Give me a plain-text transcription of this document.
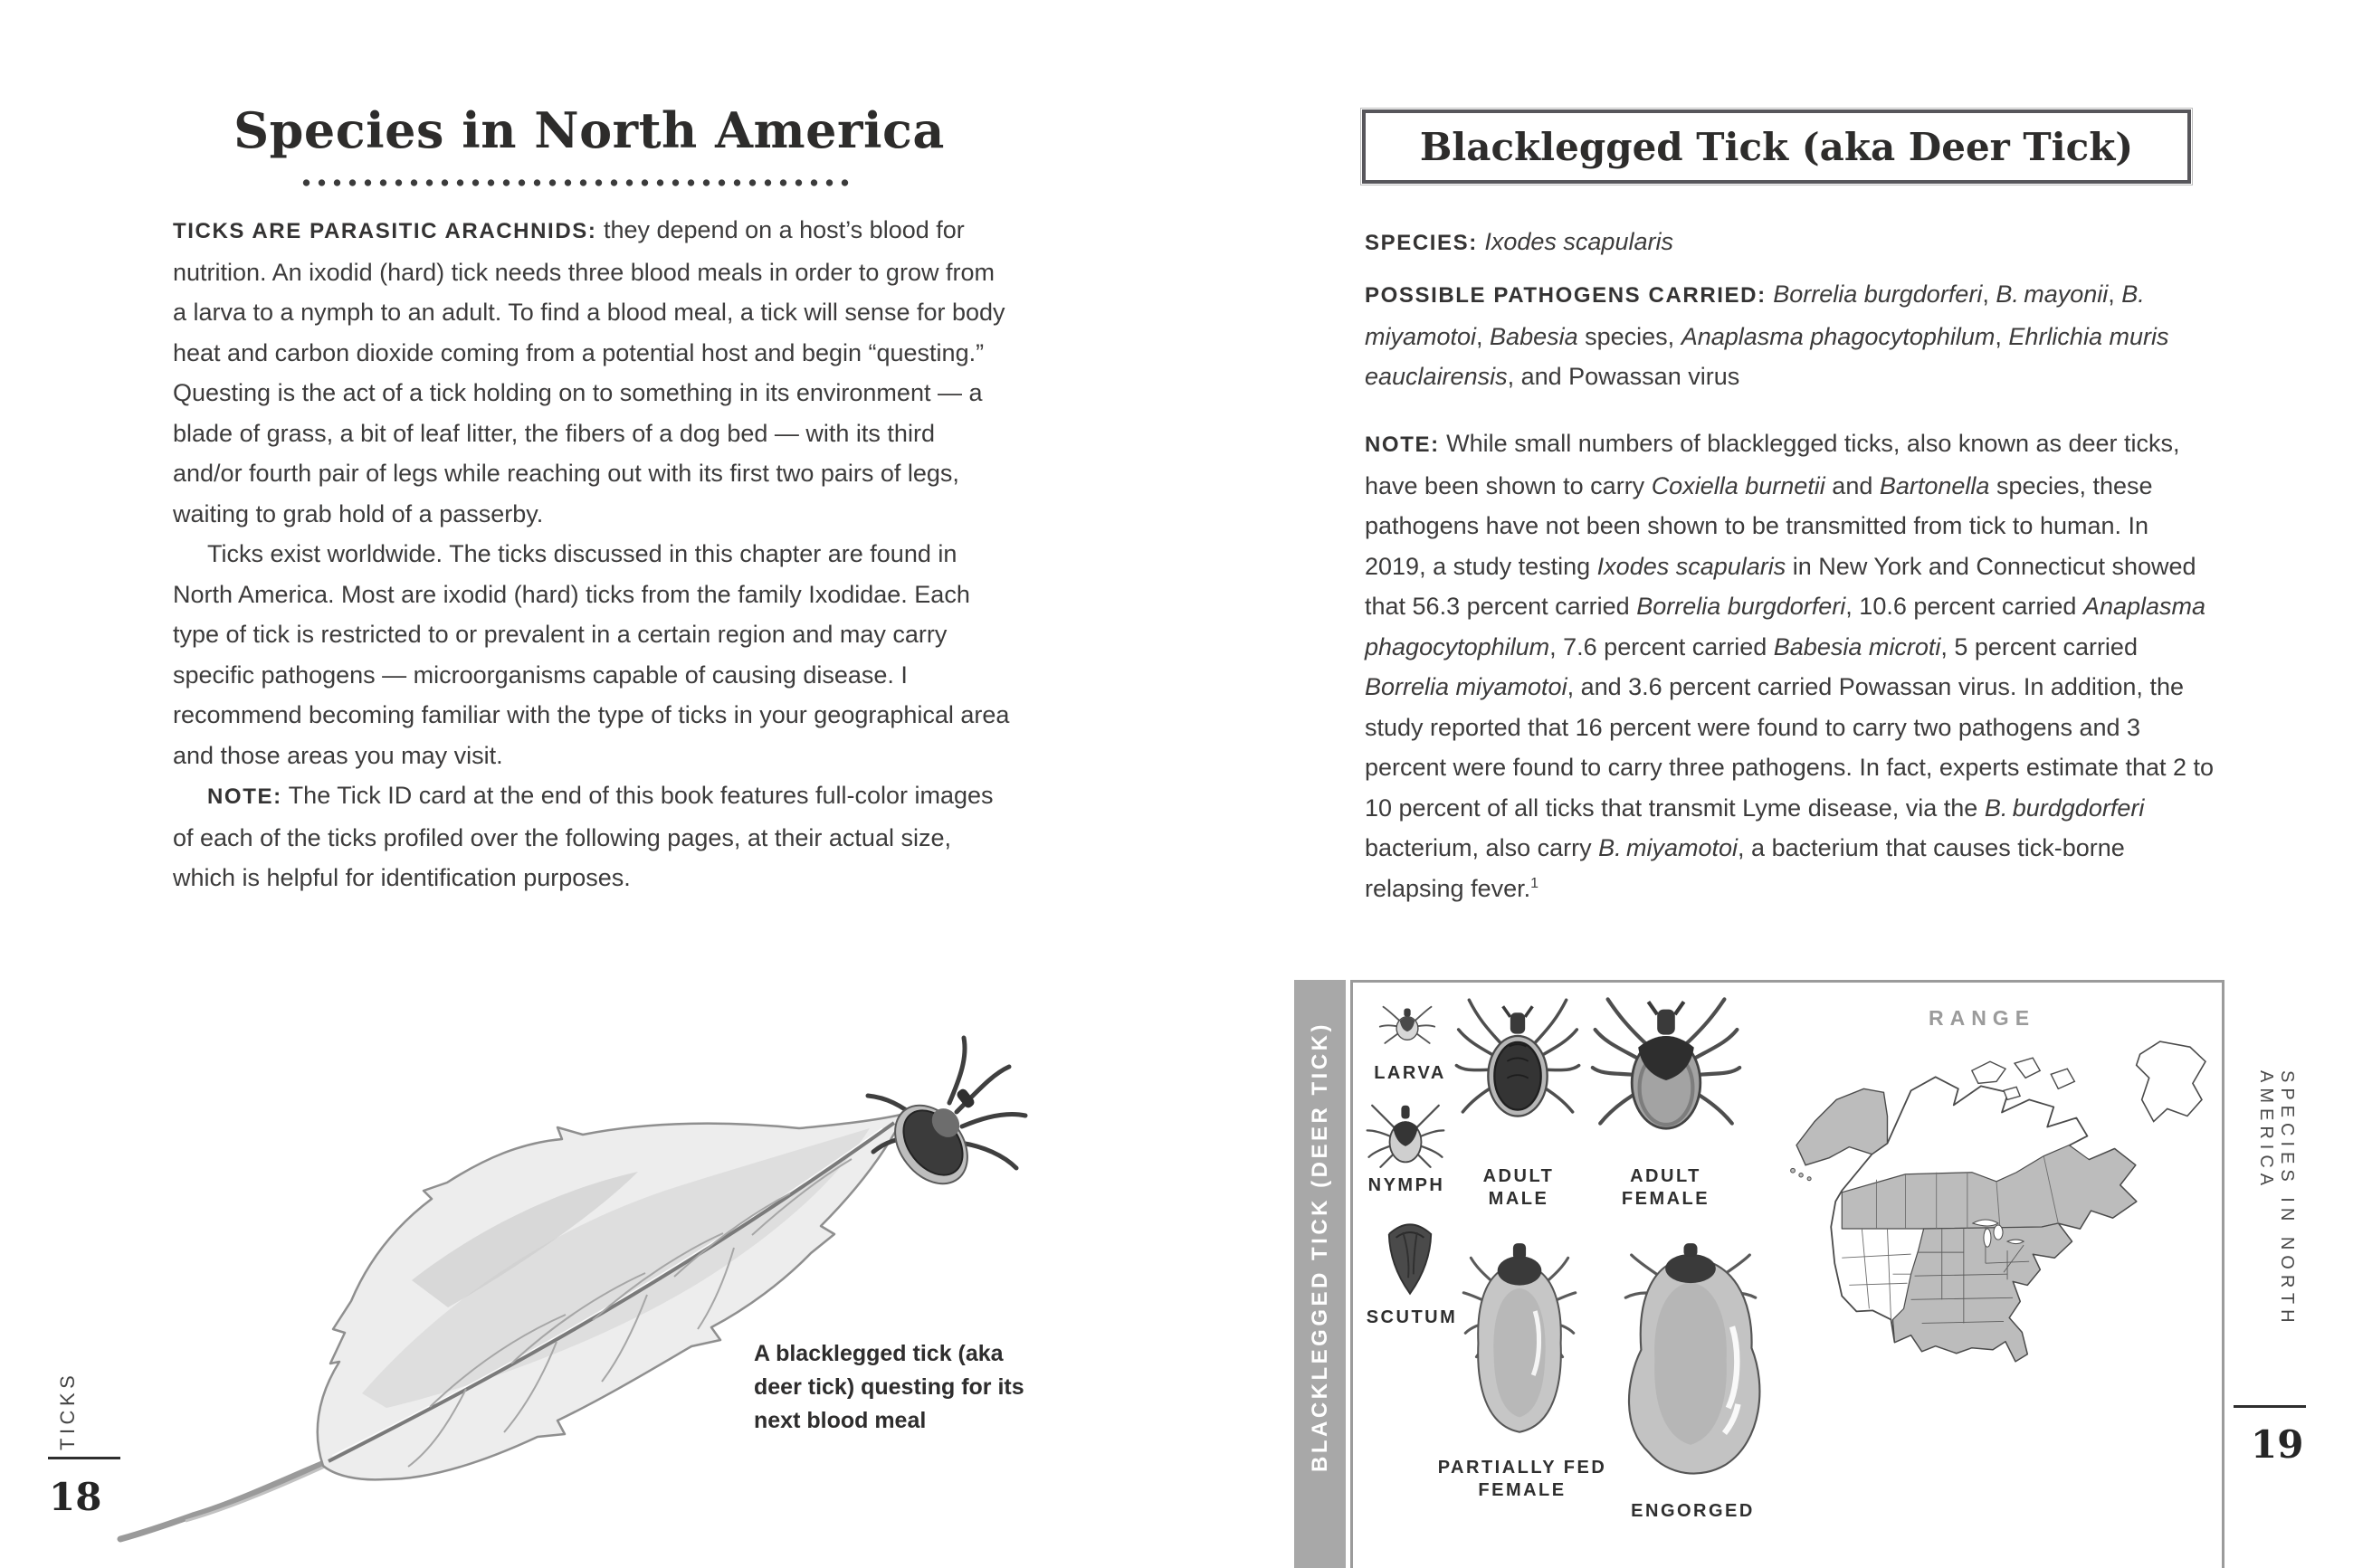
Species in North America

TICKS ARE PARASITIC ARACHNIDS: they depend on a host’s blood for nutrition. An ixodid (hard) tick needs three blood meals in order to grow from a larva to a nymph to an adult. To find a blood meal, a tick will sense for body heat and carbon dioxide coming from a potential host and begin “questing.” Questing is the act of a tick holding on to something in its environment — a blade of grass, a bit of leaf litter, the fibers of a dog bed — with its third and/or fourth pair of legs while reaching out with its first two pairs of legs, waiting to grab hold of a passerby.

Ticks exist worldwide. The ticks discussed in this chapter are found in North America. Most are ixodid (hard) ticks from the family Ixodidae. Each type of tick is restricted to or prevalent in a certain region and may carry specific pathogens — microorganisms capable of causing disease. I recommend becoming familiar with the type of ticks in your geographical area and those areas you may visit.

NOTE: The Tick ID card at the end of this book features full-color images of each of the ticks profiled over the following pages, at their actual size, which is helpful for identification purposes.

A blacklegged tick (aka deer tick) questing for its next blood meal
TICKS
18
Blacklegged Tick (aka Deer Tick)
SPECIES: Ixodes scapularis
POSSIBLE PATHOGENS CARRIED: Borrelia burgdorferi, B. mayonii, B. miyamotoi, Babesia species, Anaplasma phagocytophilum, Ehrlichia muris eauclairensis, and Powassan virus
NOTE: While small numbers of blacklegged ticks, also known as deer ticks, have been shown to carry Coxiella burnetii and Bartonella species, these pathogens have not been shown to be transmitted from tick to human. In 2019, a study testing Ixodes scapularis in New York and Connecticut showed that 56.3 percent carried Borrelia burgdorferi, 10.6 percent carried Anaplasma phagocytophilum, 7.6 percent carried Babesia microti, 5 percent carried Borrelia miyamotoi, and 3.6 percent carried Powassan virus. In addition, the study reported that 16 percent were found to carry two pathogens and 3 percent were found to carry three pathogens. In fact, experts estimate that 2 to 10 percent of all ticks that transmit Lyme disease, via the B. burdgdorferi bacterium, also carry B. miyamotoi, a bacterium that causes tick-borne relapsing fever.$^1$
BLACKLEGGED TICK (DEER TICK)	LARVA
NYMPH
SCUTUM
ADULT MALE
ADULT FEMALE
PARTIALLY FED FEMALE
ENGORGED
RANGE
SPECIES IN NORTH AMERICA
19
